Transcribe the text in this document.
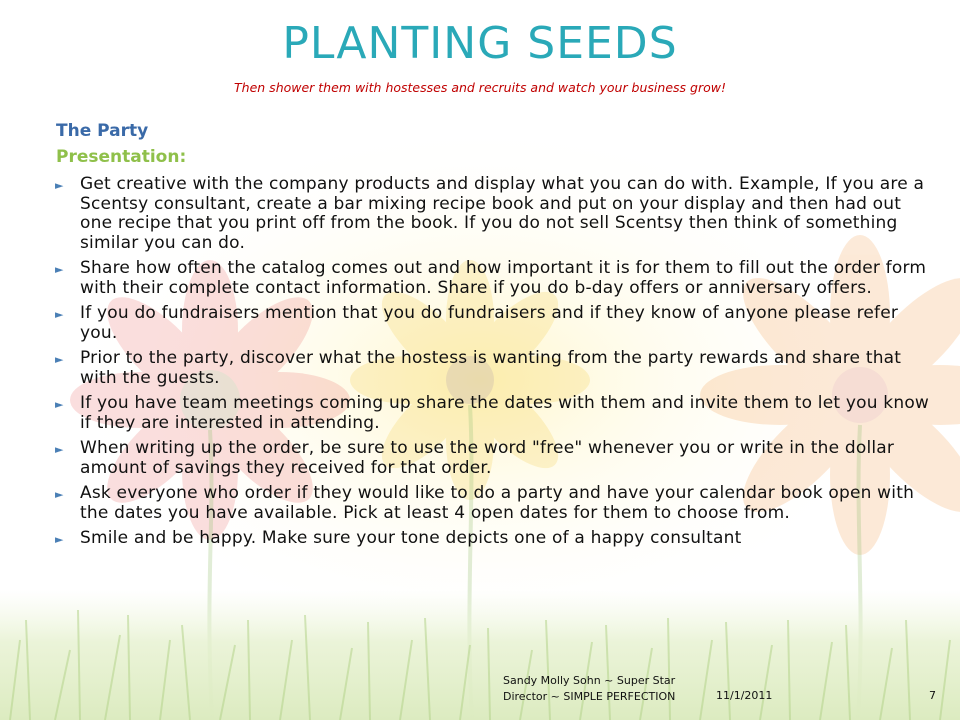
PLANTING SEEDS
Then shower them with hostesses and recruits and watch your business grow!
The Party
Presentation:
► Get creative with the company products and display what you can do with. Example, If you are a Scentsy consultant, create a bar mixing recipe book and put on your display and then had out one recipe that you print off from the book. If you do not sell Scentsy then think of something similar you can do.
► Share how often the catalog comes out and how important it is for them to fill out the order form with their complete contact information. Share if you do b-day offers or anniversary offers.
► If you do fundraisers mention that you do fundraisers and if they know of anyone please refer you.
► Prior to the party, discover what the hostess is wanting from the party rewards and share that with the guests.
► If you have team meetings coming up share the dates with them and invite them to let you know if they are interested in attending.
► When writing up the order, be sure to use the word "free" whenever you or write in the dollar amount of savings they received for that order.
► Ask everyone who order if they would like to do a party and have your calendar book open with the dates you have available. Pick at least 4 open dates for them to choose from.
► Smile and be happy. Make sure your tone depicts one of a happy consultant
Sandy Molly Sohn ~ Super Star
Director ~ SIMPLE PERFECTION	11/1/2011	7
